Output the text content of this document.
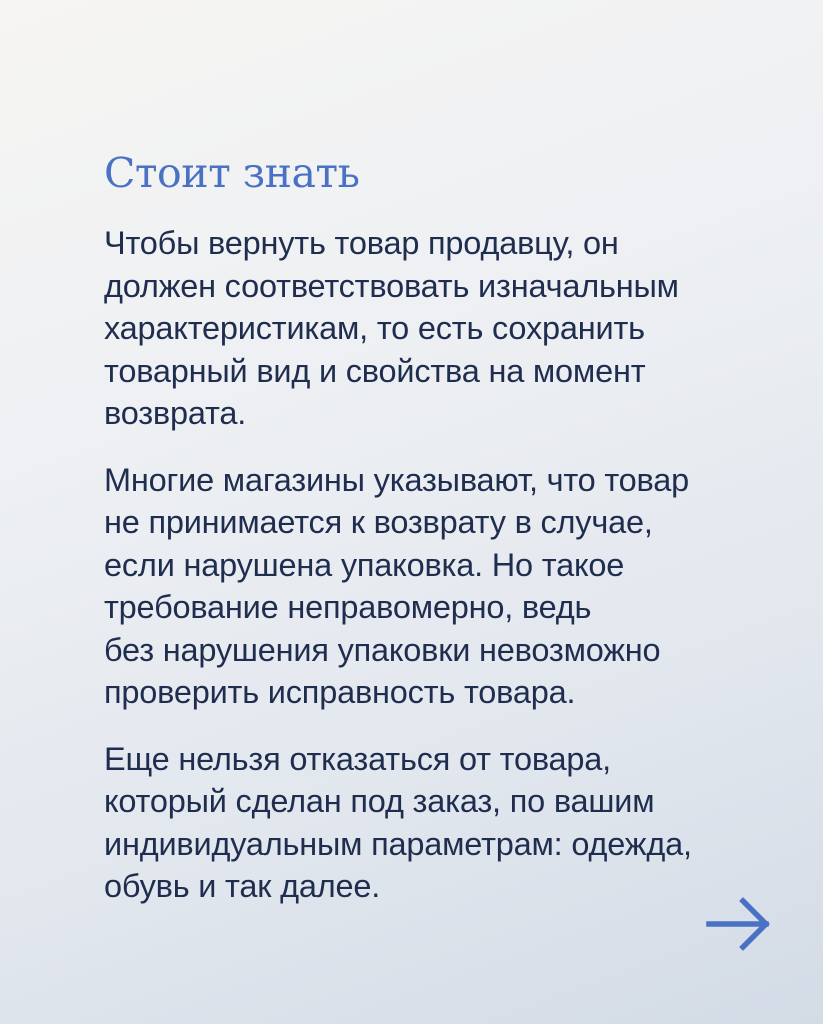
Стоит знать

Чтобы вернуть товар продавцу, он
должен соответствовать изначальным
характеристикам, то есть сохранить
товарный вид и свойства на момент
возврата.

Многие магазины указывают, что товар
не принимается к возврату в случае,
если нарушена упаковка. Но такое
требование неправомерно, ведь
без нарушения упаковки невозможно
проверить исправность товара.

Еще нельзя отказаться от товара,
который сделан под заказ, по вашим
индивидуальным параметрам: одежда,
обувь и так далее.
